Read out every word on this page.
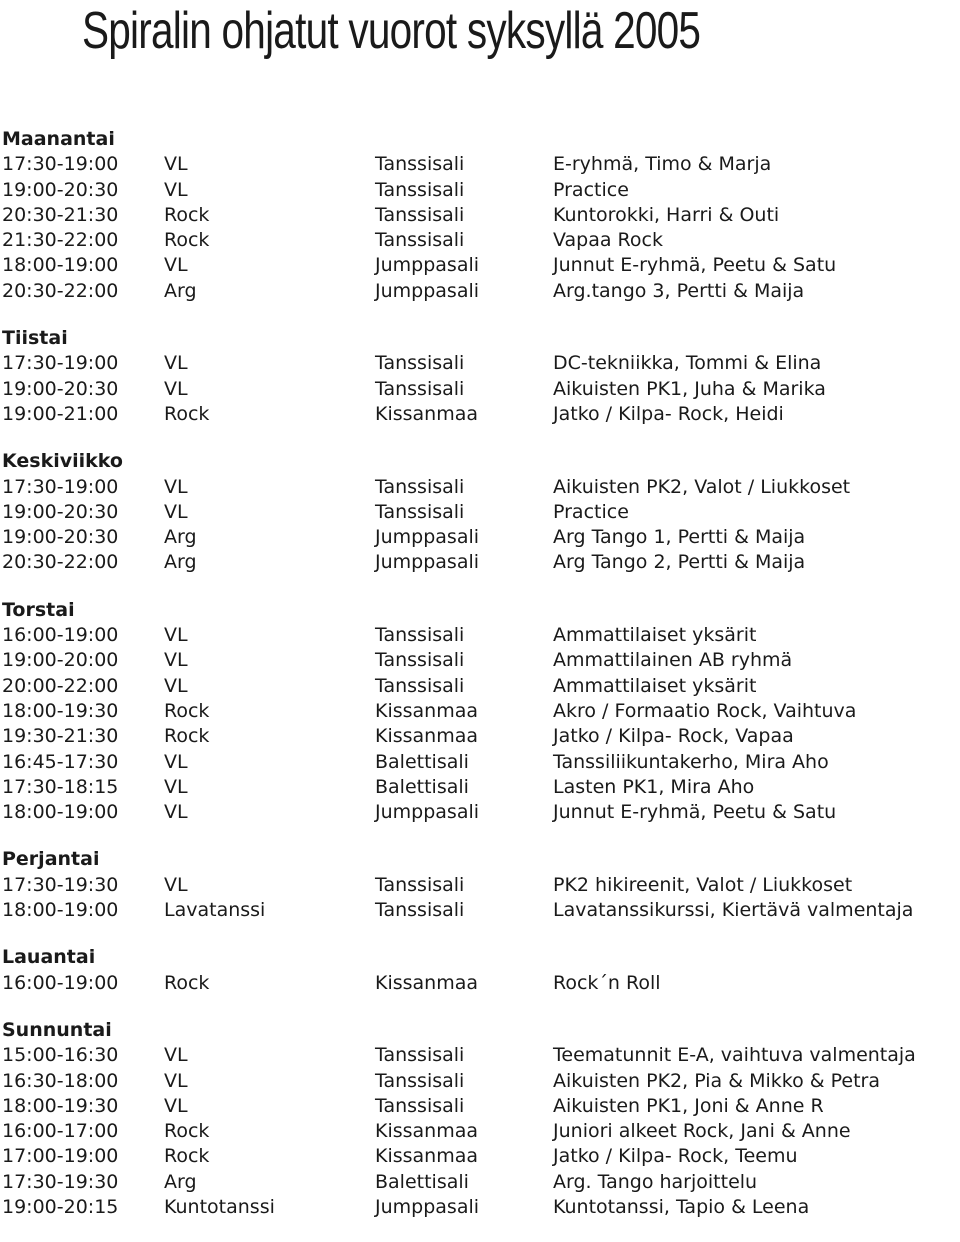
Spiralin ohjatut vuorot syksyllä 2005
Maanantai
17:30-19:00 VL	Tanssisali	E-ryhmä, Timo & Marja
19:00-20:30 VL	Tanssisali	Practice
20:30-21:30 Rock	Tanssisali	Kuntorokki, Harri & Outi
21:30-22:00 Rock	Tanssisali	Vapaa Rock
18:00-19:00 VL	Jumppasali	Junnut E-ryhmä, Peetu & Satu
20:30-22:00 Arg	Jumppasali	Arg.tango 3, Pertti & Maija
Tiistai
17:30-19:00 VL	Tanssisali	DC-tekniikka, Tommi & Elina
19:00-20:30 VL	Tanssisali	Aikuisten PK1, Juha & Marika
19:00-21:00 Rock	Kissanmaa	Jatko / Kilpa- Rock, Heidi
Keskiviikko
17:30-19:00 VL	Tanssisali	Aikuisten PK2, Valot / Liukkoset
19:00-20:30 VL	Tanssisali	Practice
19:00-20:30 Arg	Jumppasali	Arg Tango 1, Pertti & Maija
20:30-22:00 Arg	Jumppasali	Arg Tango 2, Pertti & Maija
Torstai
16:00-19:00 VL	Tanssisali	Ammattilaiset yksärit
19:00-20:00 VL	Tanssisali	Ammattilainen AB ryhmä
20:00-22:00 VL	Tanssisali	Ammattilaiset yksärit
18:00-19:30 Rock	Kissanmaa	Akro / Formaatio Rock, Vaihtuva
19:30-21:30 Rock	Kissanmaa	Jatko / Kilpa- Rock, Vapaa
16:45-17:30 VL	Balettisali	Tanssiliikuntakerho, Mira Aho
17:30-18:15 VL	Balettisali	Lasten PK1, Mira Aho
18:00-19:00 VL	Jumppasali	Junnut E-ryhmä, Peetu & Satu
Perjantai
17:30-19:30 VL	Tanssisali	PK2 hikireenit, Valot / Liukkoset
18:00-19:00 Lavatanssi	Tanssisali	Lavatanssikurssi, Kiertävä valmentaja
Lauantai
16:00-19:00 Rock	Kissanmaa	Rock´n Roll
Sunnuntai
15:00-16:30 VL	Tanssisali	Teematunnit E-A, vaihtuva valmentaja
16:30-18:00 VL	Tanssisali	Aikuisten PK2, Pia & Mikko & Petra
18:00-19:30 VL	Tanssisali	Aikuisten PK1, Joni & Anne R
16:00-17:00 Rock	Kissanmaa	Juniori alkeet Rock, Jani & Anne
17:00-19:00 Rock	Kissanmaa	Jatko / Kilpa- Rock, Teemu
17:30-19:30 Arg	Balettisali	Arg. Tango harjoittelu
19:00-20:15 Kuntotanssi	Jumppasali	Kuntotanssi, Tapio & Leena
